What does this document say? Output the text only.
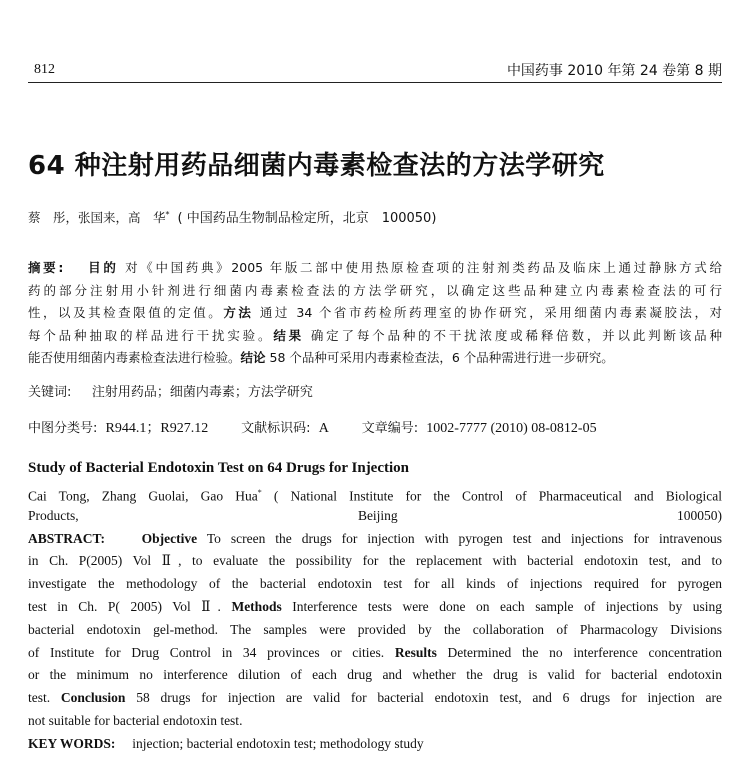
812	中国药事 2010 年第 24 卷第 8 期
64 种注射用药品细菌内毒素检查法的方法学研究
蔡　彤，张国来，高　华* ( 中国药品生物制品检定所，北京　100050)
摘要:　 目的 对《中国药典》2005 年版二部中使用热原检查项的注射剂类药品及临床上通过静脉方式给
药的部分注射用小针剂进行细菌内毒素检查法的方法学研究，以确定这些品种建立内毒素检查法的可行
性，以及其检查限值的定值。方法 通过 34 个省市药检所药理室的协作研究，采用细菌内毒素凝胶法，对
每个品种抽取的样品进行干扰实验。结果 确定了每个品种的不干扰浓度或稀释倍数，并以此判断该品种
能否使用细菌内毒素检查法进行检验。结论 58 个品种可采用内毒素检查法，6 个品种需进行进一步研究。
关键词: 注射用药品；细菌内毒素；方法学研究
中图分类号: R944.1；R927.12	文献标识码: A	文章编号: 1002-7777 (2010) 08-0812-05
Study of Bacterial Endotoxin Test on 64 Drugs for Injection
Cai Tong, Zhang Guolai, Gao Hua* ( National Institute for the Control of Pharmaceutical and Biological
Products, Beijing 100050)
ABSTRACT:　 Objective To screen the drugs for injection with pyrogen test and injections for intravenous
in Ch. P(2005) Vol Ⅱ, to evaluate the possibility for the replacement with bacterial endotoxin test, and to
investigate the methodology of the bacterial endotoxin test for all kinds of injections required for pyrogen
test in Ch. P( 2005) Vol Ⅱ. Methods Interference tests were done on each sample of injections by using
bacterial endotoxin gel-method. The samples were provided by the collaboration of Pharmacology Divisions
of Institute for Drug Control in 34 provinces or cities. Results Determined the no interference concentration
or the minimum no interference dilution of each drug and whether the drug is valid for bacterial endotoxin
test. Conclusion 58 drugs for injection are valid for bacterial endotoxin test, and 6 drugs for injection are
not suitable for bacterial endotoxin test.
KEY WORDS: injection; bacterial endotoxin test; methodology study
